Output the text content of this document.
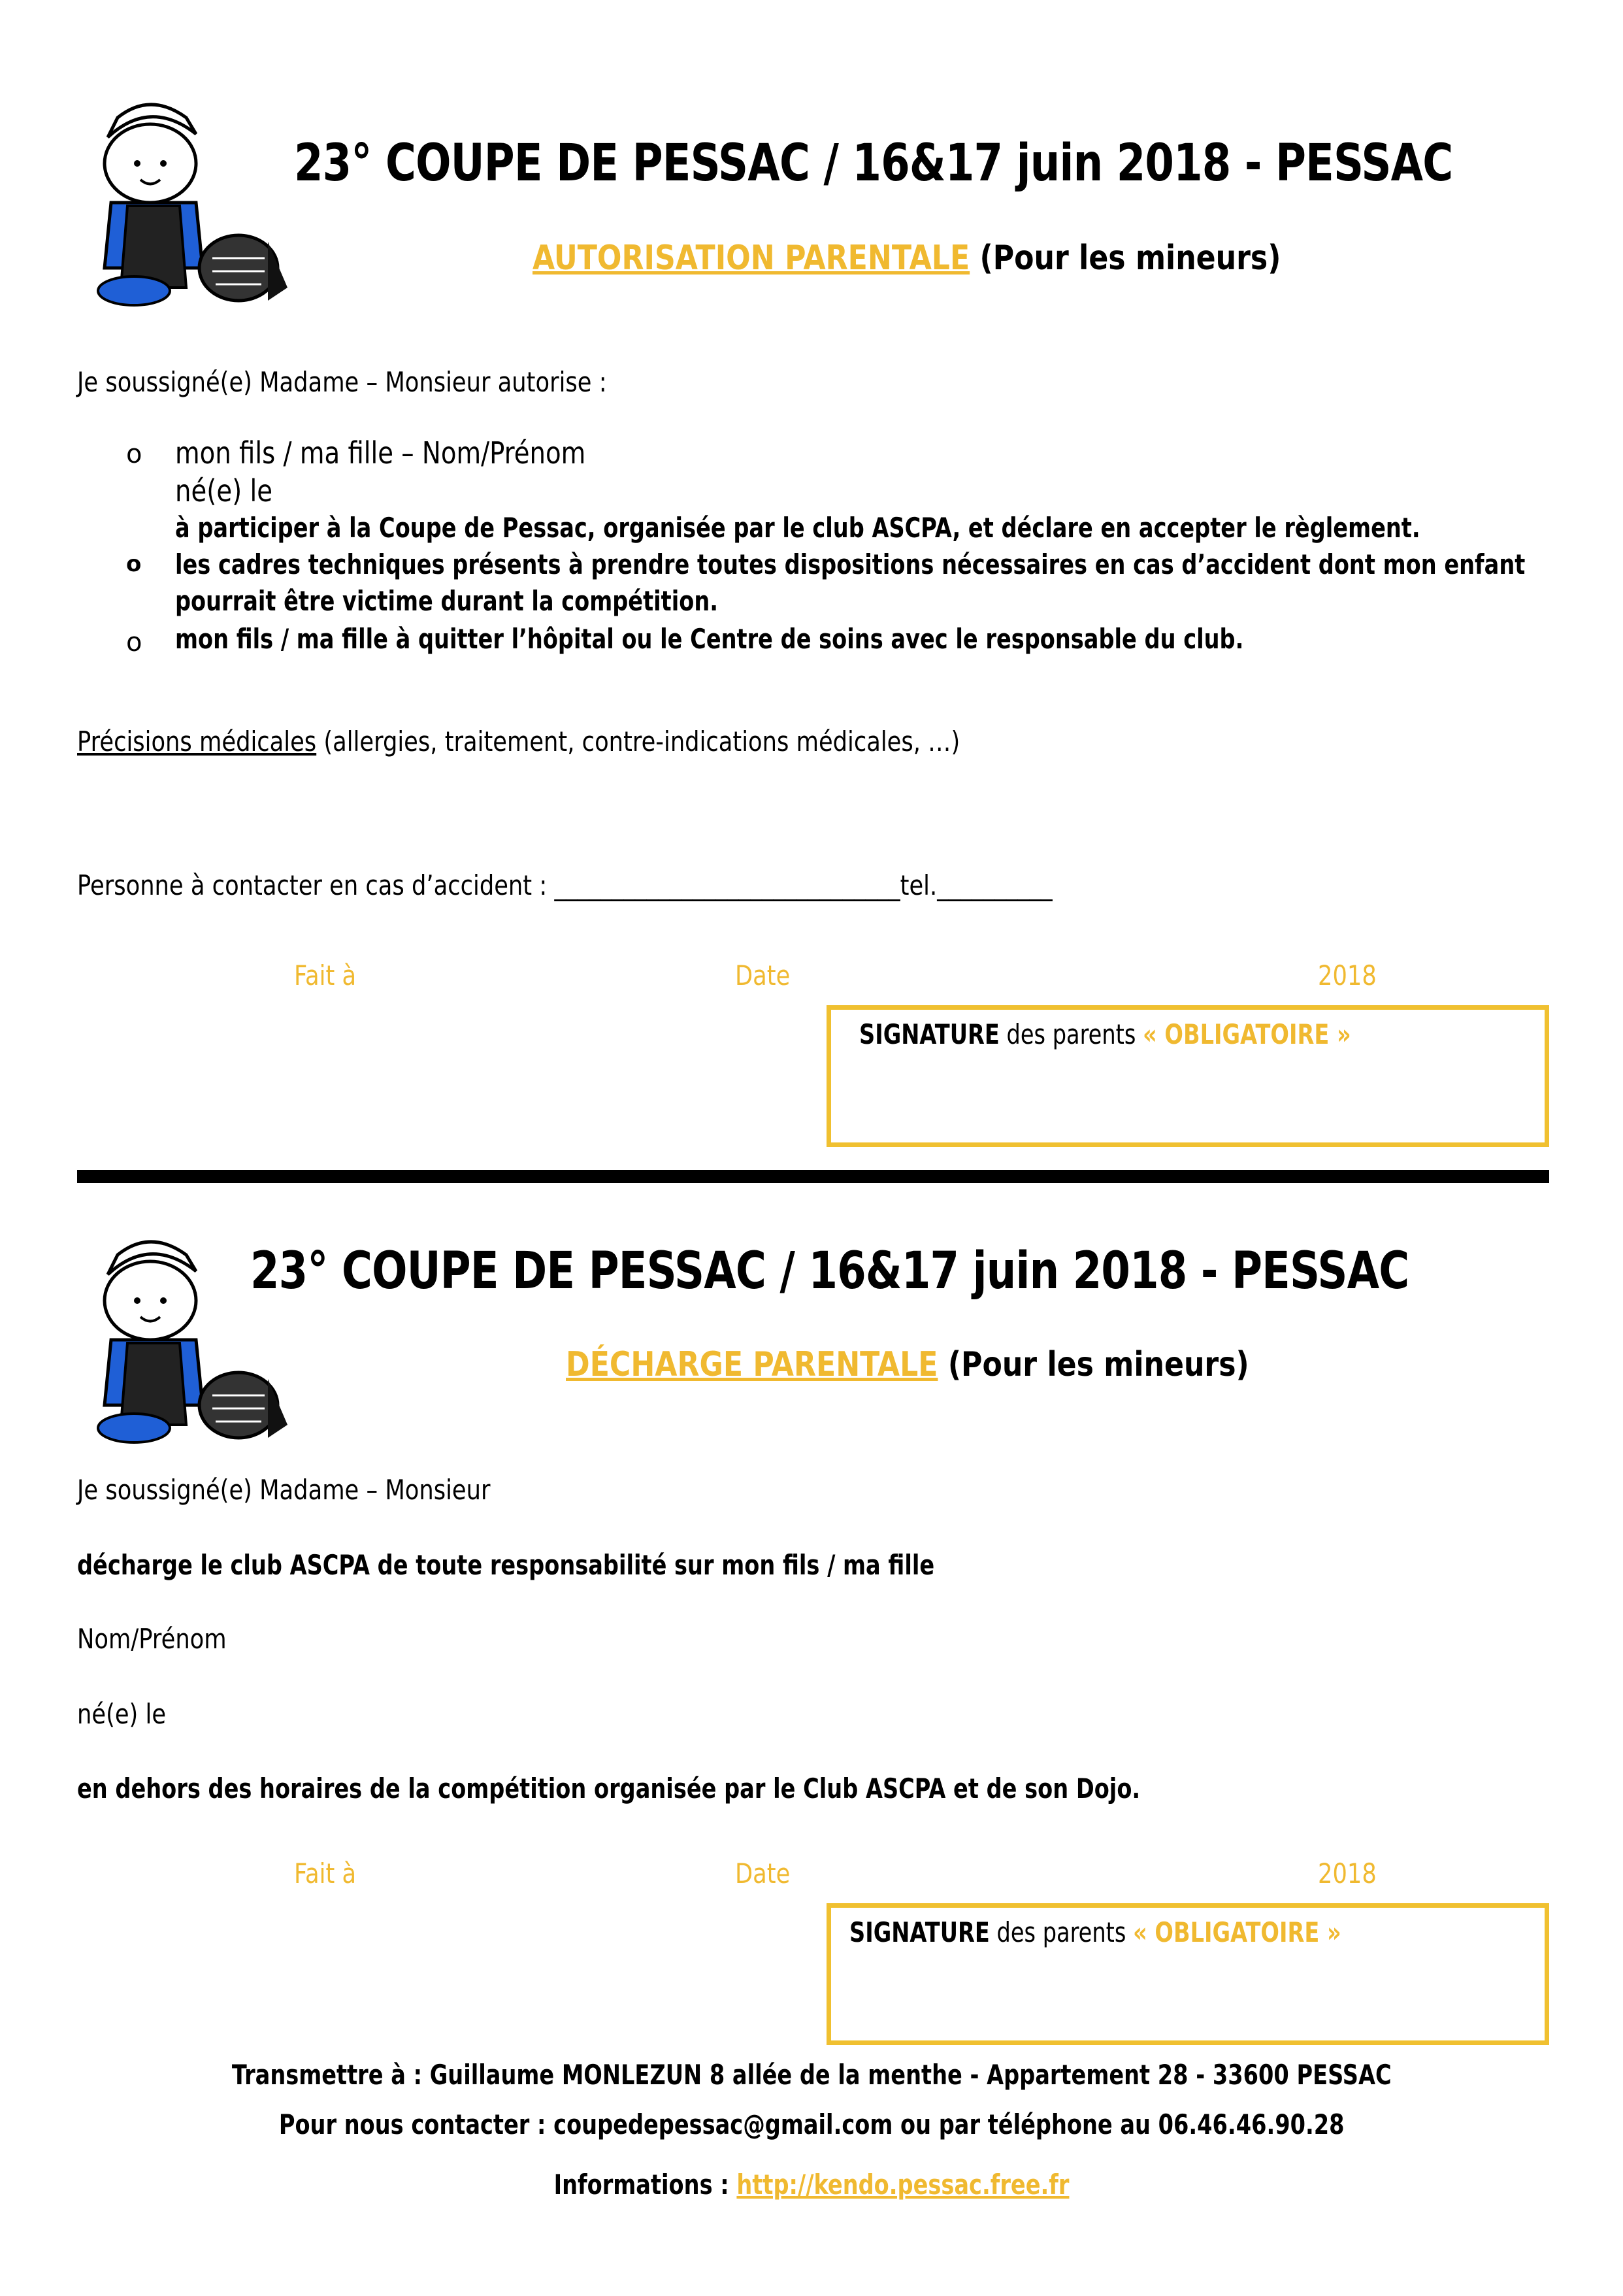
23° COUPE DE PESSAC / 16&17 juin 2018 - PESSAC
AUTORISATION PARENTALE (Pour les mineurs)
Je soussigné(e) Madame – Monsieur autorise :
o mon fils / ma fille – Nom/Prénom
né(e) le
à participer à la Coupe de Pessac, organisée par le club ASCPA, et déclare en accepter le règlement.
o les cadres techniques présents à prendre toutes dispositions nécessaires en cas d’accident dont mon enfant
pourrait être victime durant la compétition.
o mon fils / ma fille à quitter l’hôpital ou le Centre de soins avec le responsable du club.
Précisions médicales (allergies, traitement, contre-indications médicales, …)
Personne à contacter en cas d’accident : ______________________________tel.__________
Fait à	Date	2018
SIGNATURE des parents « OBLIGATOIRE »
23° COUPE DE PESSAC / 16&17 juin 2018 - PESSAC
DÉCHARGE PARENTALE (Pour les mineurs)
Je soussigné(e) Madame – Monsieur
décharge le club ASCPA de toute responsabilité sur mon fils / ma fille
Nom/Prénom
né(e) le
en dehors des horaires de la compétition organisée par le Club ASCPA et de son Dojo.
Fait à	Date	2018
SIGNATURE des parents « OBLIGATOIRE »
Transmettre à : Guillaume MONLEZUN 8 allée de la menthe - Appartement 28 - 33600 PESSAC
Pour nous contacter : coupedepessac@gmail.com ou par téléphone au 06.46.46.90.28
Informations : http://kendo.pessac.free.fr
